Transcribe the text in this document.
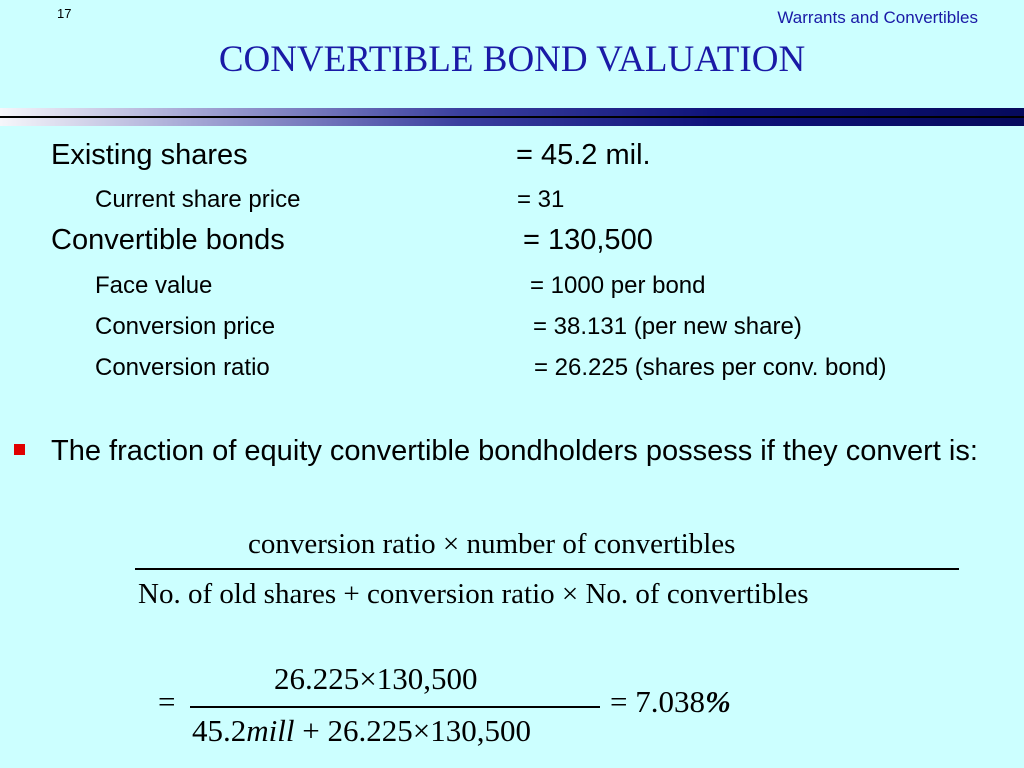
17	Warrants and Convertibles
CONVERTIBLE BOND VALUATION
Existing shares	= 45.2 mil.
Current share price	= 31
Convertible bonds	= 130,500
Face value	= 1000 per bond
Conversion price	= 38.131 (per new share)
Conversion ratio	= 26.225 (shares per conv. bond)
The fraction of equity convertible bondholders possess if they convert is:
conversion ratio × number of convertibles
No. of old shares + conversion ratio × No. of convertibles
=
26.225×130,500
45.2mill + 26.225×130,500
= 7.038%
